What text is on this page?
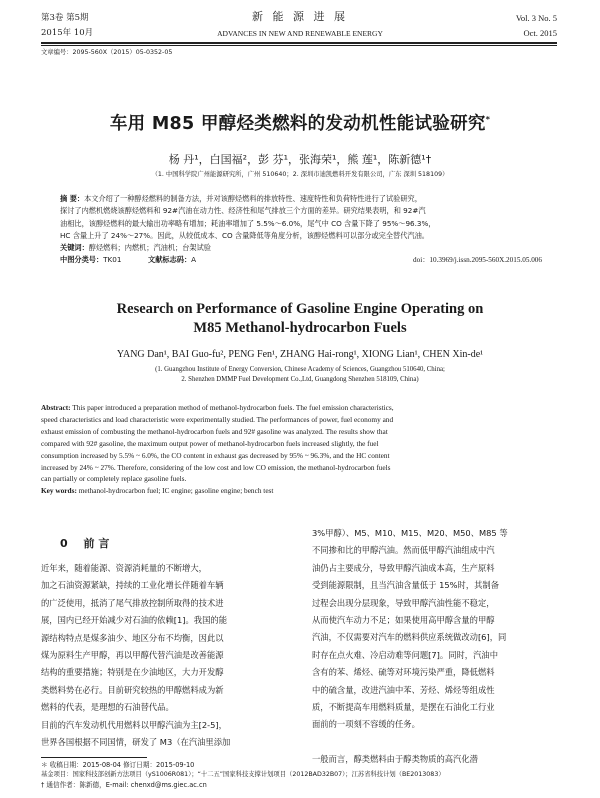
第3卷 第5期
2015年 10月
新 能 源 进 展
ADVANCES IN NEW AND RENEWABLE ENERGY
Vol. 3 No. 5
Oct. 2015
文章编号：2095-560X（2015）05-0352-05
车用 M85 甲醇烃类燃料的发动机性能试验研究*
杨 丹¹，白国福²，彭 芬¹，张海荣¹，熊 莲¹，陈新德¹†
（1. 中国科学院广州能源研究所，广州 510640；2. 深圳市迪凯燃料开发有限公司，广东 深圳 518109）
摘 要：本文介绍了一种醇烃燃料的制备方法，并对该醇烃燃料的排放特性、速度特性和负荷特性进行了试验研究，
探讨了内燃机燃烧该醇烃燃料和 92#汽油在动力性、经济性和尾气排放三个方面的差异。研究结果表明，和 92#汽
油相比，该醇烃燃料的最大输出功率略有增加；耗油率增加了 5.5%～6.0%，尾气中 CO 含量下降了 95%～96.3%，
HC 含量上升了 24%～27%。因此，从较低成本、CO 含量降低等角度分析，该醇烃燃料可以部分或完全替代汽油。
关键词：醇烃燃料；内燃机；汽油机；台架试验
中图分类号：TK01	文献标志码：A	doi：10.3969/j.issn.2095-560X.2015.05.006
Research on Performance of Gasoline Engine Operating on
M85 Methanol-hydrocarbon Fuels
YANG Dan¹, BAI Guo-fu², PENG Fen¹, ZHANG Hai-rong¹, XIONG Lian¹, CHEN Xin-de¹
(1. Guangzhou Institute of Energy Conversion, Chinese Academy of Sciences, Guangzhou 510640, China;
2. Shenzhen DMMP Fuel Development Co.,Ltd, Guangdong Shenzhen 518109, China)
Abstract: This paper introduced a preparation method of methanol-hydrocarbon fuels. The fuel emission characteristics,
speed characteristics and load characteristic were experimentally studied. The performances of power, fuel economy and
exhaust emission of combusting the methanol-hydrocarbon fuels and 92# gasoline was analyzed. The results show that
compared with 92# gasoline, the maximum output power of methanol-hydrocarbon fuels increased slightly, the fuel
consumption increased by 5.5% ~ 6.0%, the CO content in exhaust gas decreased by 95% ~ 96.3%, and the HC content
increased by 24% ~ 27%. Therefore, considering of the low cost and low CO emission, the methanol-hydrocarbon fuels
can partially or completely replace gasoline fuels.
Key words: methanol-hydrocarbon fuel; IC engine; gasoline engine; bench test
0 前 言
近年来，随着能源、资源消耗量的不断增大，
加之石油资源紧缺，持续的工业化增长伴随着车辆
的广泛使用，抵消了尾气排放控制所取得的技术进
展，国内已经开始减少对石油的依赖[1]。我国的能
源结构特点是煤多油少、地区分布不均衡，因此以
煤为原料生产甲醇，再以甲醇代替汽油是改善能源
结构的重要措施；特别是在少油地区，大力开发醇
类燃料势在必行。目前研究较热的甲醇燃料成为新
燃料的代表，是理想的石油替代品。
目前的汽车发动机代用燃料以甲醇汽油为主[2-5]，
世界各国根据不同国情，研发了 M3（在汽油里添加
3%甲醇）、M5、M10、M15、M20、M50、M85 等
不同掺和比的甲醇汽油。然而低甲醇汽油组成中汽
油仍占主要成分，导致甲醇汽油成本高，生产原料
受到能源限制，且当汽油含量低于 15%时，其制备
过程会出现分层现象，导致甲醇汽油性能不稳定，
从而使汽车动力不足；如果使用高甲醇含量的甲醇
汽油，不仅需要对汽车的燃料供应系统做改动[6]，同
时存在点火难、冷启动难等问题[7]。同时，汽油中
含有的苯、烯烃、硫等对环境污染严重，降低燃料
中的硫含量，改进汽油中苯、芳烃、烯烃等组成性
质，不断提高车用燃料质量，是摆在石油化工行业
面前的一项刻不容缓的任务。
一般而言，醇类燃料由于醇类物质的高汽化潜
＊ 收稿日期：2015-08-04 修订日期：2015-09-10
基金项目：国家科技部创新方法项目（yS1006R081）；“十二五”国家科技支撑计划项目（2012BAD32B07）；江苏省科技计划（BE2013083）
† 通信作者：陈新德，E-mail: chenxd@ms.giec.ac.cn
